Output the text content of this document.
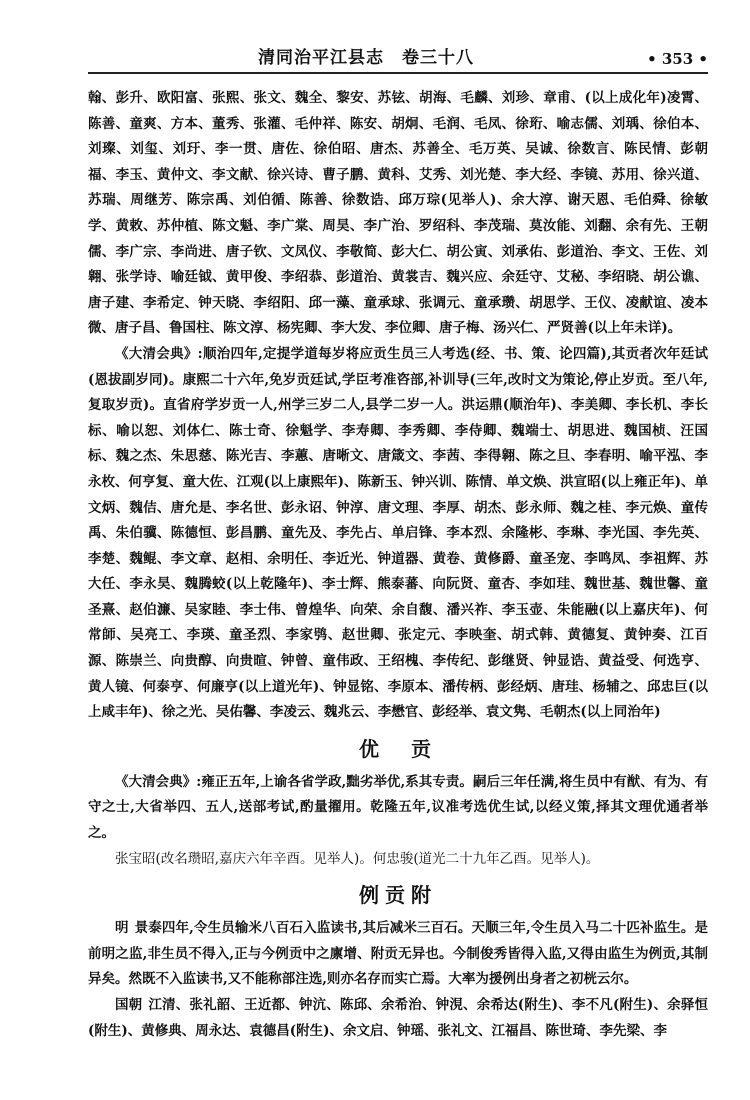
清同治平江县志　卷三十八	• 353 •

翰、彭升、欧阳富、张熙、张文、魏全、黎安、苏铉、胡海、毛麟、刘珍、章甫、(以上成化年)凌霄、陈善、童爽、方本、董秀、张灌、毛仲祥、陈安、胡炯、毛润、毛凤、徐珩、喻志儒、刘瑀、徐伯本、刘璨、刘玺、刘玗、李一贯、唐佐、徐伯昭、唐杰、苏善全、毛万英、吴诚、徐数言、陈民情、彭朝福、李玉、黄仲文、李文献、徐兴诗、曹子鹏、黄科、艾秀、刘光楚、李大经、李镜、苏用、徐兴道、苏瑞、周继芳、陈宗禹、刘伯循、陈善、徐数诰、邱万琮(见举人)、余大淳、谢天恩、毛伯舜、徐敏学、黄敕、苏仲植、陈文魁、李广棠、周昊、李广治、罗绍科、李茂瑞、莫汝能、刘翻、余有先、王朝儒、李广宗、李尚进、唐子钦、文凤仪、李敬简、彭大仁、胡公寅、刘承佑、彭道治、李文、王佐、刘翱、张学诗、喻廷钺、黄甲俊、李绍恭、彭道治、黄裳吉、魏兴应、余廷守、艾秘、李绍晓、胡公谯、唐子建、李希定、钟天晓、李绍阳、邱一藻、童承球、张调元、童承瓒、胡思学、王仪、凌献谊、凌本微、唐子昌、鲁国柱、陈文淳、杨宪卿、李大发、李位卿、唐子梅、汤兴仁、严贤善(以上年未详)。

《大清会典》:顺治四年,定提学道每岁将应贡生员三人考选(经、书、策、论四篇),其贡者次年廷试(恩拔副岁同)。康熙二十六年,免岁贡廷试,学臣考准咨部,补训导(三年,改时文为策论,停止岁贡。至八年,复取岁贡)。直省府学岁贡一人,州学三岁二人,县学二岁一人。洪运鼎(顺治年)、李美卿、李长机、李长标、喻以恕、刘体仁、陈士奇、徐魁学、李寿卿、李秀卿、李侍卿、魏端士、胡思进、魏国桢、汪国标、魏之杰、朱思慈、陈光吉、李蕙、唐晰文、唐箴文、李茜、李得翱、陈之旦、李春明、喻平泓、李永枚、何亨复、童大佐、江观(以上康熙年)、陈新玉、钟兴训、陈情、单文焕、洪宣昭(以上雍正年)、单文炳、魏佶、唐允是、李名世、彭永诏、钟淳、唐文理、李厚、胡杰、彭永师、魏之桂、李元焕、童传禹、朱伯骥、陈德恒、彭昌鹏、童先及、李先占、单启锋、李本烈、余隆彬、李琳、李光国、李先英、李楚、魏鲲、李文章、赵相、余明任、李近光、钟道器、黄卷、黄修爵、童圣宠、李鸣凤、李祖辉、苏大任、李永昊、魏腾蛟(以上乾隆年)、李士辉、熊泰蕃、向阮贤、童杏、李如珪、魏世基、魏世馨、童圣熹、赵伯濂、吴家睦、李士伟、曾煌华、向荣、余自馥、潘兴祚、李玉壶、朱能融(以上嘉庆年)、何常師、吴亮工、李瑛、童圣烈、李家鸮、赵世卿、张定元、李映奎、胡式韩、黄德复、黄钟奏、江百源、陈崇兰、向贵醇、向贵暄、钟曾、童伟政、王绍槐、李传纪、彭继贤、钟显诰、黄益受、何选亨、黄人镜、何泰亨、何廉亨(以上道光年)、钟显铭、李原本、潘传柄、彭经炳、唐珪、杨辅之、邱忠巨(以上咸丰年)、徐之光、吴佑馨、李凌云、魏兆云、李懋官、彭经举、袁文隽、毛朝杰(以上同治年)

优　贡

《大清会典》:雍正五年,上谕各省学政,黜劣举优,系其专责。嗣后三年任满,将生员中有猷、有为、有守之士,大省举四、五人,送部考试,酌量擢用。乾隆五年,议准考选优生试,以经义策,择其文理优通者举之。

张宝昭(改名瓒昭,嘉庆六年辛酉。见举人)。何忠骏(道光二十九年乙酉。见举人)。

例贡附

明 景泰四年,令生员输米八百石入监读书,其后减米三百石。天顺三年,令生员入马二十匹补监生。是前明之监,非生员不得入,正与今例贡中之廪增、附贡无异也。今制俊秀皆得入监,又得由监生为例贡,其制异矣。然既不入监读书,又不能称部注选,则亦名存而实亡焉。大率为援例出身者之初桄云尔。

国朝 江清、张礼韶、王近都、钟沆、陈邱、余希治、钟涀、余希达(附生)、李不凡(附生)、余驿恒(附生)、黄修典、周永达、袁德昌(附生)、余文启、钟瑶、张礼文、江福昌、陈世琦、李先梁、李
